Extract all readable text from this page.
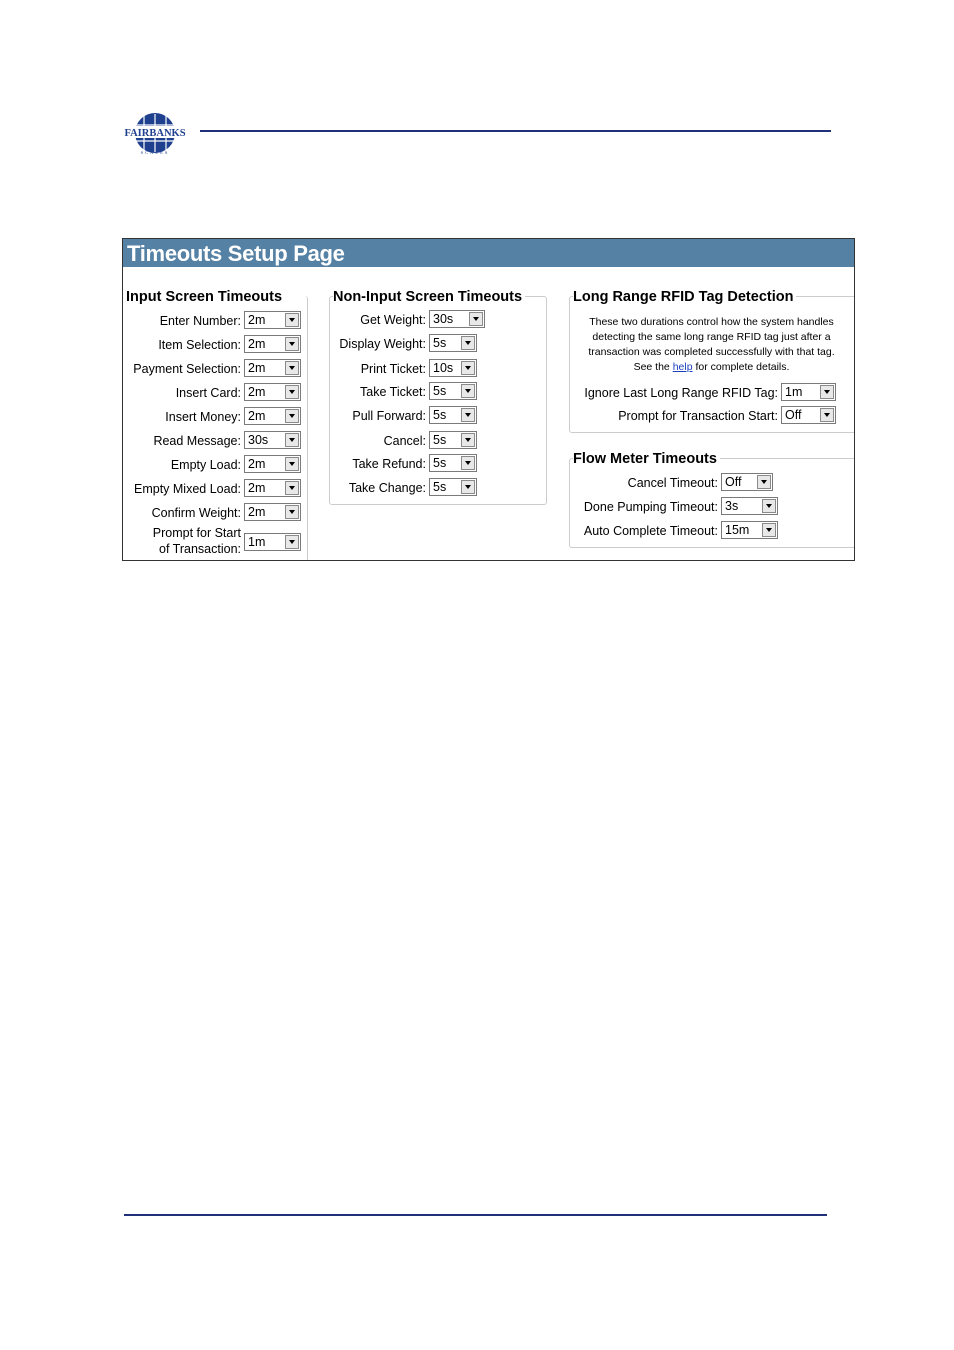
FAIRBANKS
SCALES
Timeouts Setup Page
Input Screen Timeouts
Enter Number: 2m
Item Selection: 2m
Payment Selection: 2m
Insert Card: 2m
Insert Money: 2m
Read Message: 30s
Empty Load: 2m
Empty Mixed Load: 2m
Confirm Weight: 2m
Prompt for Start
of Transaction: 1m
Non-Input Screen Timeouts
Get Weight: 30s
Display Weight: 5s
Print Ticket: 10s
Take Ticket: 5s
Pull Forward: 5s
Cancel: 5s
Take Refund: 5s
Take Change: 5s
Long Range RFID Tag Detection
These two durations control how the system handles
detecting the same long range RFID tag just after a
transaction was completed successfully with that tag.
See the help for complete details.
Ignore Last Long Range RFID Tag: 1m
Prompt for Transaction Start: Off
Flow Meter Timeouts
Cancel Timeout: Off
Done Pumping Timeout: 3s
Auto Complete Timeout: 15m
